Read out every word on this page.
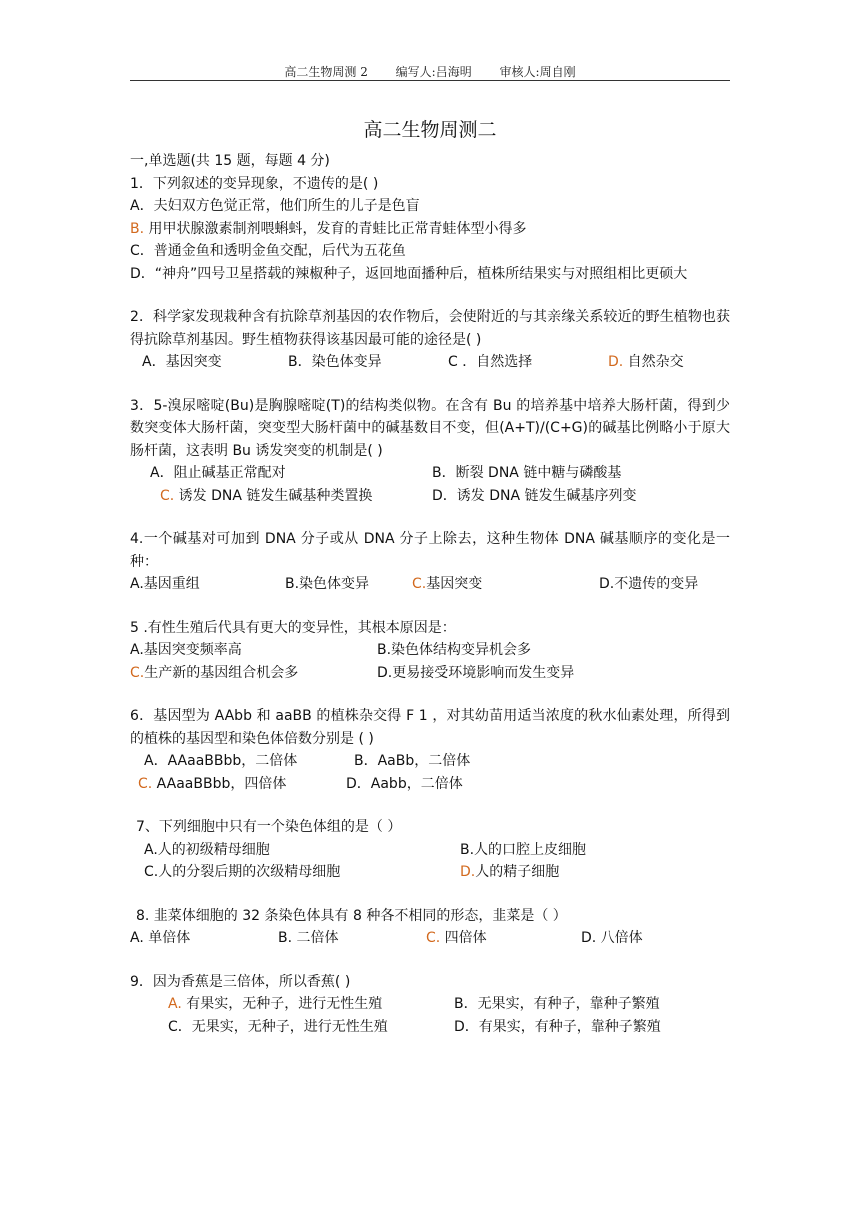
高二生物周测 2 编写人:吕海明 审核人:周自刚
高二生物周测二
一,单选题(共 15 题，每题 4 分)
1．下列叙述的变异现象，不遗传的是( )
A．夫妇双方色觉正常，他们所生的儿子是色盲
B. 用甲状腺激素制剂喂蝌蚪，发育的青蛙比正常青蛙体型小得多
C．普通金鱼和透明金鱼交配，后代为五花鱼
D．“神舟”四号卫星搭载的辣椒种子，返回地面播种后，植株所结果实与对照组相比更硕大
2．科学家发现栽种含有抗除草剂基因的农作物后，会使附近的与其亲缘关系较近的野生植物也获得抗除草剂基因。野生植物获得该基因最可能的途径是( )
A．基因突变	B．染色体变异	C ．自然选择	D. 自然杂交
3．5-溴尿嘧啶(Bu)是胸腺嘧啶(T)的结构类似物。在含有 Bu 的培养基中培养大肠杆菌，得到少数突变体大肠杆菌，突变型大肠杆菌中的碱基数目不变，但(A+T)/(C+G)的碱基比例略小于原大肠杆菌，这表明 Bu 诱发突变的机制是( )
A．阻止碱基正常配对	B．断裂 DNA 链中糖与磷酸基
C. 诱发 DNA 链发生碱基种类置换	D．诱发 DNA 链发生碱基序列变
4.一个碱基对可加到 DNA 分子或从 DNA 分子上除去，这种生物体 DNA 碱基顺序的变化是一种：
A.基因重组	B.染色体变异	C.基因突变	D.不遗传的变异
5 .有性生殖后代具有更大的变异性，其根本原因是：
A.基因突变频率高	B.染色体结构变异机会多
C.生产新的基因组合机会多	D.更易接受环境影响而发生变异
6．基因型为 AAbb 和 aaBB 的植株杂交得 F 1 ，对其幼苗用适当浓度的秋水仙素处理，所得到的植株的基因型和染色体倍数分别是 ( )
A．AAaaBBbb，二倍体	B．AaBb，二倍体
C. AAaaBBbb，四倍体	D．Aabb，二倍体
7、下列细胞中只有一个染色体组的是（ ）
A.人的初级精母细胞	B.人的口腔上皮细胞
C.人的分裂后期的次级精母细胞	D.人的精子细胞
8. 韭菜体细胞的 32 条染色体具有 8 种各不相同的形态，韭菜是（ ）
A. 单倍体	B. 二倍体	C. 四倍体	D. 八倍体
9．因为香蕉是三倍体，所以香蕉( )
A. 有果实，无种子，进行无性生殖	B．无果实，有种子，靠种子繁殖
C．无果实，无种子，进行无性生殖	D．有果实，有种子，靠种子繁殖
